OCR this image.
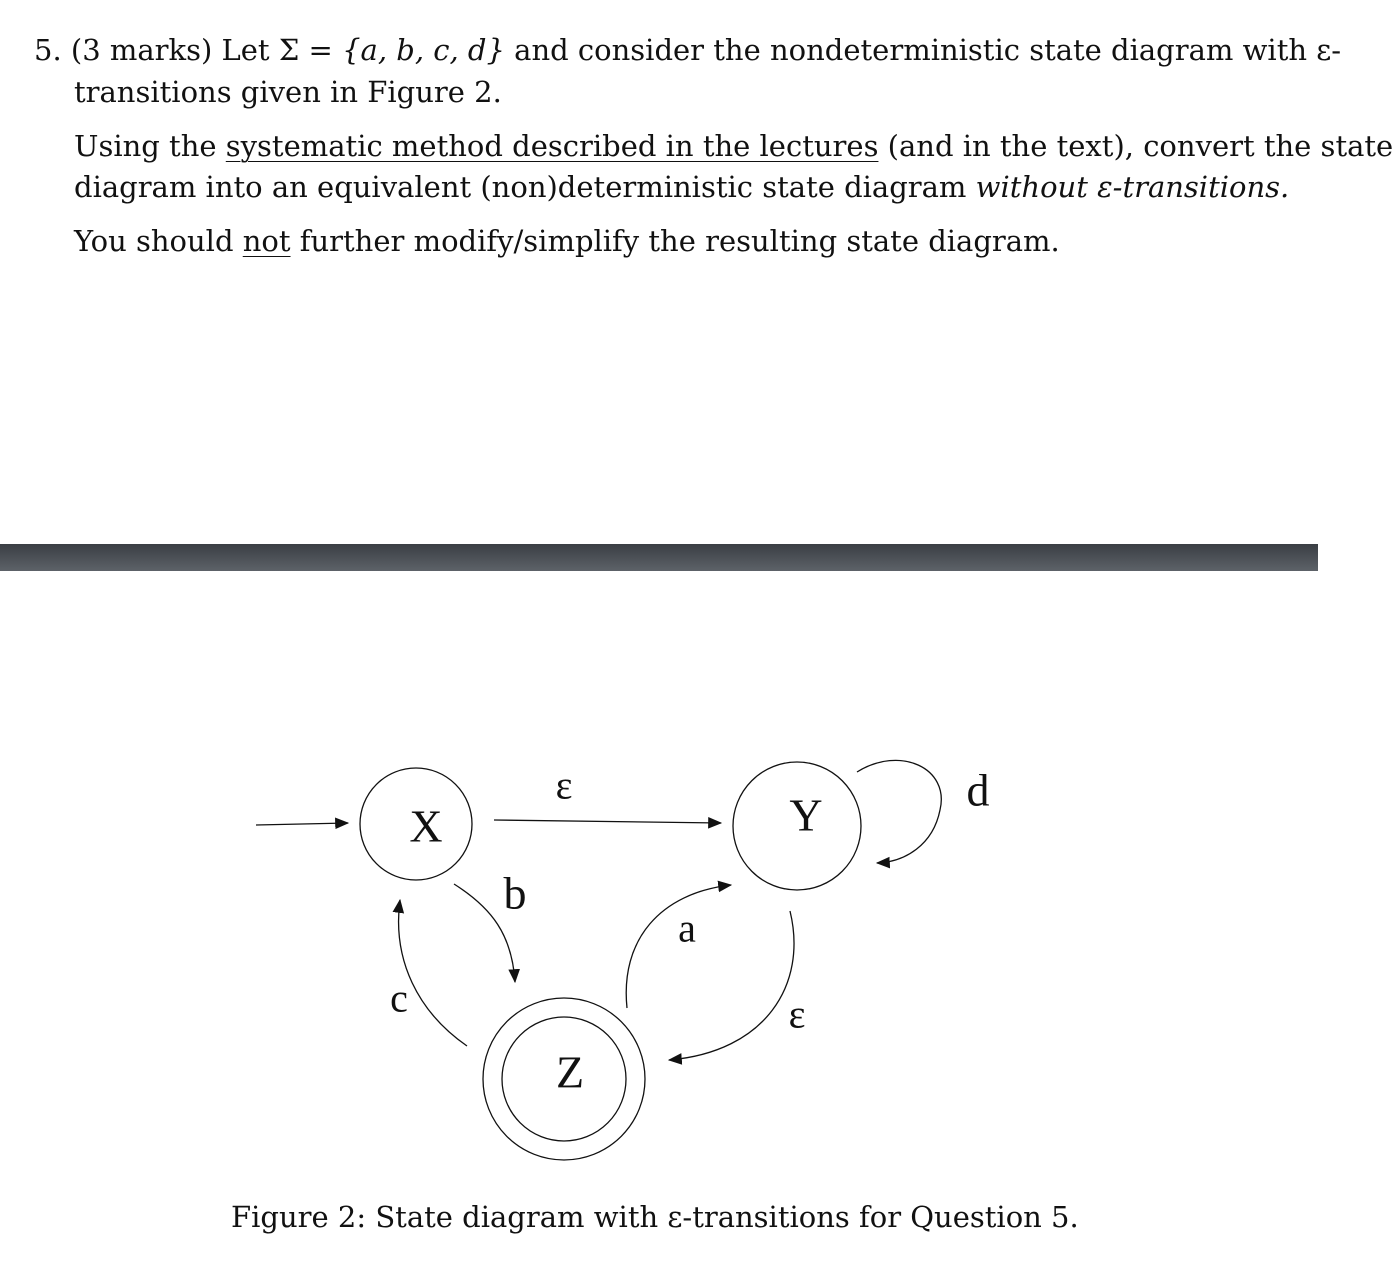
5. (3 marks) Let Σ = {a, b, c, d} and consider the nondeterministic state diagram with ε-
transitions given in Figure 2.
Using the systematic method described in the lectures (and in the text), convert the state
diagram into an equivalent (non)deterministic state diagram without ε-transitions.
You should not further modify/simplify the resulting state diagram.
X	Y
Z
ε	d
b
a
ε
c
Figure 2: State diagram with ε-transitions for Question 5.
